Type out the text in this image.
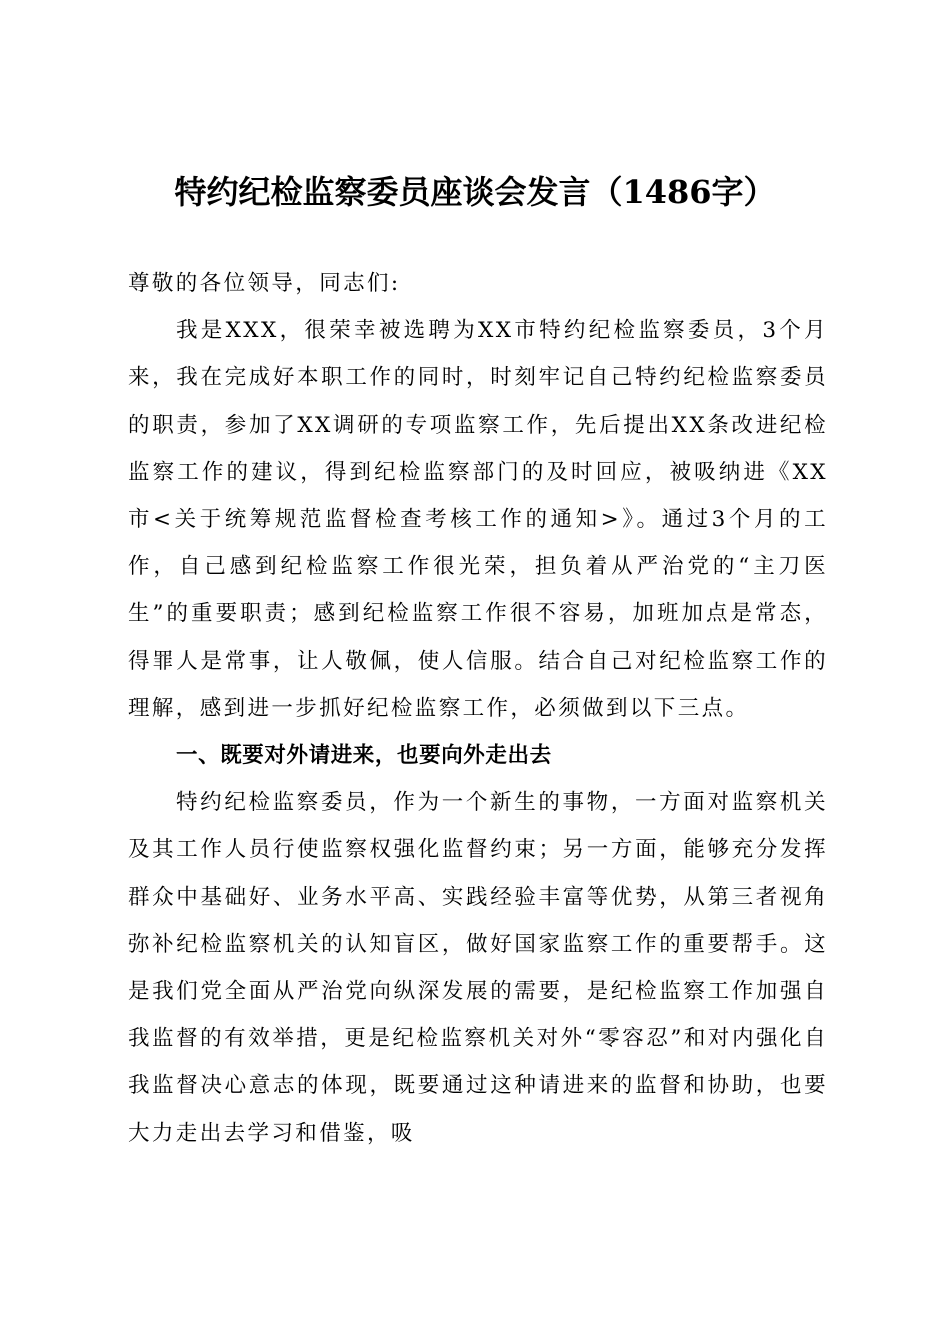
特约纪检监察委员座谈会发言（1486字）

尊敬的各位领导，同志们:

我是XXX，很荣幸被选聘为XX市特约纪检监察委员，3个月来，我在完成好本职工作的同时，时刻牢记自己特约纪检监察委员的职责，参加了XX调研的专项监察工作，先后提出XX条改进纪检监察工作的建议，得到纪检监察部门的及时回应，被吸纳进《XX市<关于统筹规范监督检查考核工作的通知>》。通过3个月的工作，自己感到纪检监察工作很光荣，担负着从严治党的“主刀医生”的重要职责；感到纪检监察工作很不容易，加班加点是常态，得罪人是常事，让人敬佩，使人信服。结合自己对纪检监察工作的理解，感到进一步抓好纪检监察工作，必须做到以下三点。

一、既要对外请进来，也要向外走出去

特约纪检监察委员，作为一个新生的事物，一方面对监察机关及其工作人员行使监察权强化监督约束；另一方面，能够充分发挥群众中基础好、业务水平高、实践经验丰富等优势，从第三者视角弥补纪检监察机关的认知盲区，做好国家监察工作的重要帮手。这是我们党全面从严治党向纵深发展的需要，是纪检监察工作加强自我监督的有效举措，更是纪检监察机关对外“零容忍”和对内强化自我监督决心意志的体现，既要通过这种请进来的监督和协助，也要大力走出去学习和借鉴，吸
